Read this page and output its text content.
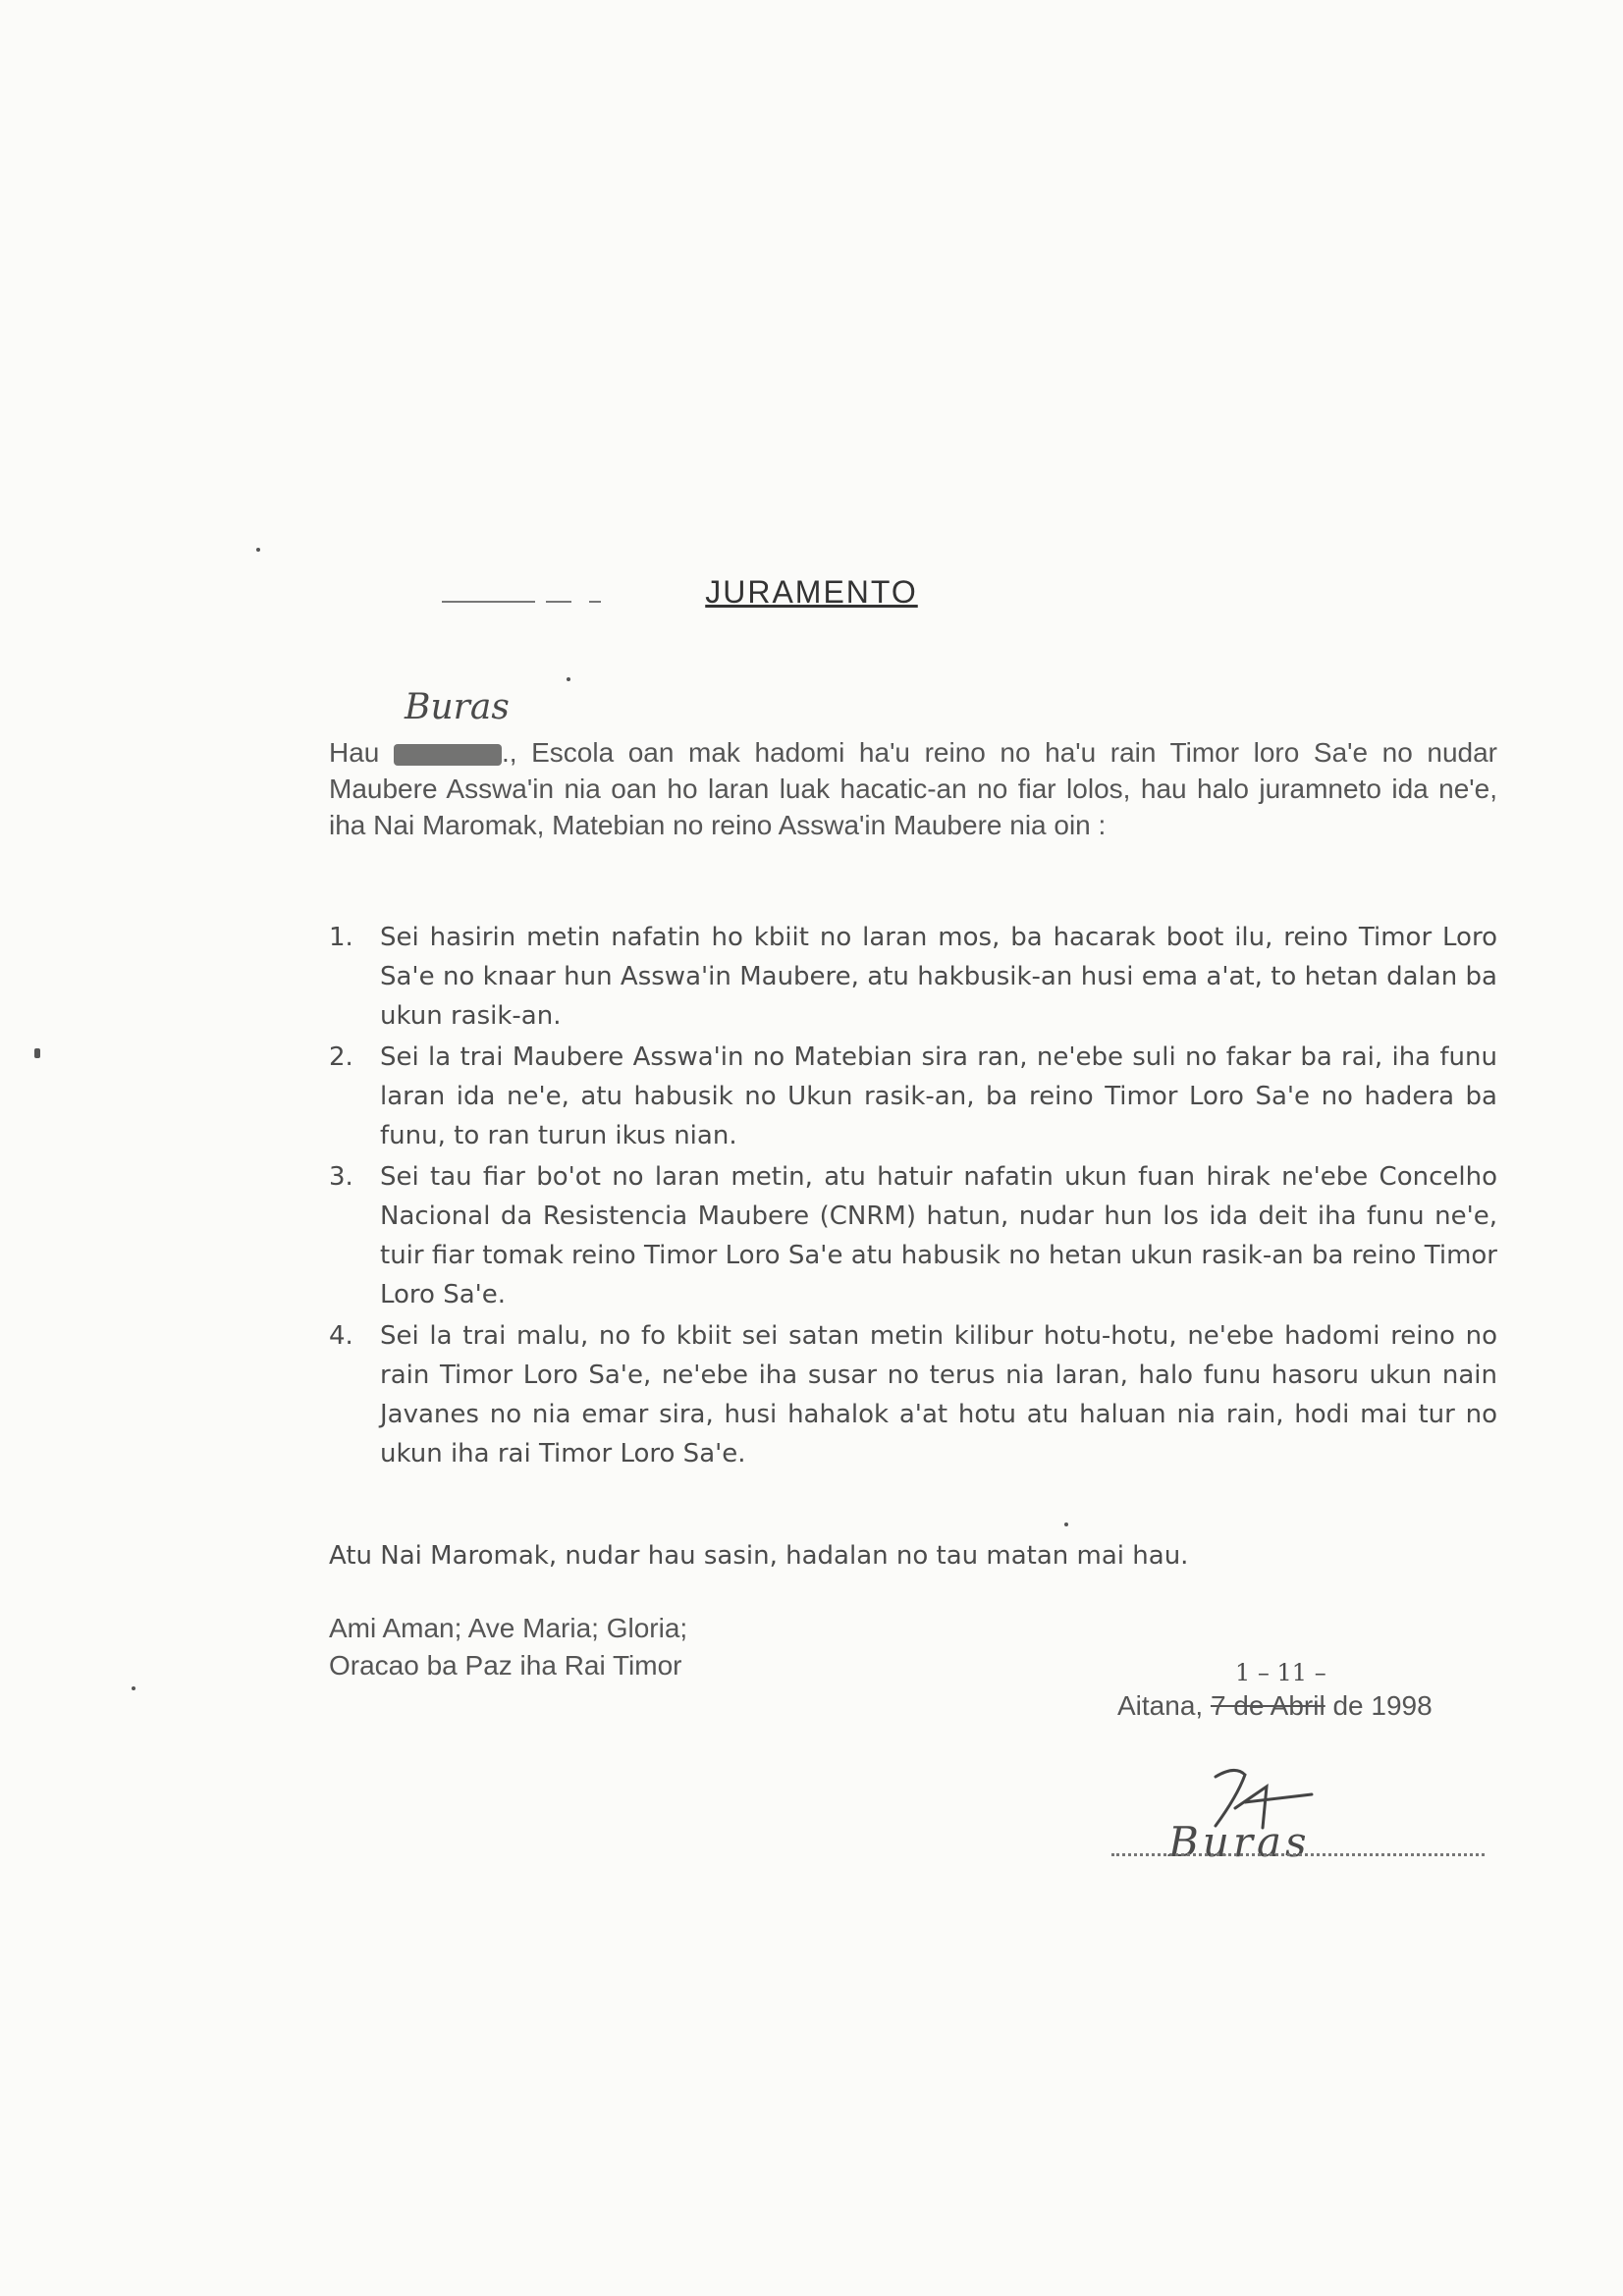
JURAMENTO
Buras
Hau	., Escola oan mak hadomi ha'u reino no ha'u rain Timor loro Sa'e no nudar Maubere Asswa'in nia oan ho laran luak hacatic-an no fiar lolos, hau halo juramneto ida ne'e, iha Nai Maromak, Matebian no reino Asswa'in Maubere nia oin :
1. Sei hasirin metin nafatin ho kbiit no laran mos, ba hacarak boot ilu, reino Timor Loro Sa'e no knaar hun Asswa'in Maubere, atu hakbusik-an husi ema a'at, to hetan dalan ba ukun rasik-an.
2. Sei la trai Maubere Asswa'in no Matebian sira ran, ne'ebe suli no fakar ba rai, iha funu laran ida ne'e, atu habusik no Ukun rasik-an, ba reino Timor Loro Sa'e no hadera ba funu, to ran turun ikus nian.
3. Sei tau fiar bo'ot no laran metin, atu hatuir nafatin ukun fuan hirak ne'ebe Concelho Nacional da Resistencia Maubere (CNRM) hatun, nudar hun los ida deit iha funu ne'e, tuir fiar tomak reino Timor Loro Sa'e atu habusik no hetan ukun rasik-an ba reino Timor Loro Sa'e.
4. Sei la trai malu, no fo kbiit sei satan metin kilibur hotu-hotu, ne'ebe hadomi reino no rain Timor Loro Sa'e, ne'ebe iha susar no terus nia laran, halo funu hasoru ukun nain Javanes no nia emar sira, husi hahalok a'at hotu atu haluan nia rain, hodi mai tur no ukun iha rai Timor Loro Sa'e.
Atu Nai Maromak, nudar hau sasin, hadalan no tau matan mai hau.
Ami Aman; Ave Maria; Gloria;
Oracao ba Paz iha Rai Timor	1 – 11 –
Aitana, 7 de Abril de 1998
Buras
